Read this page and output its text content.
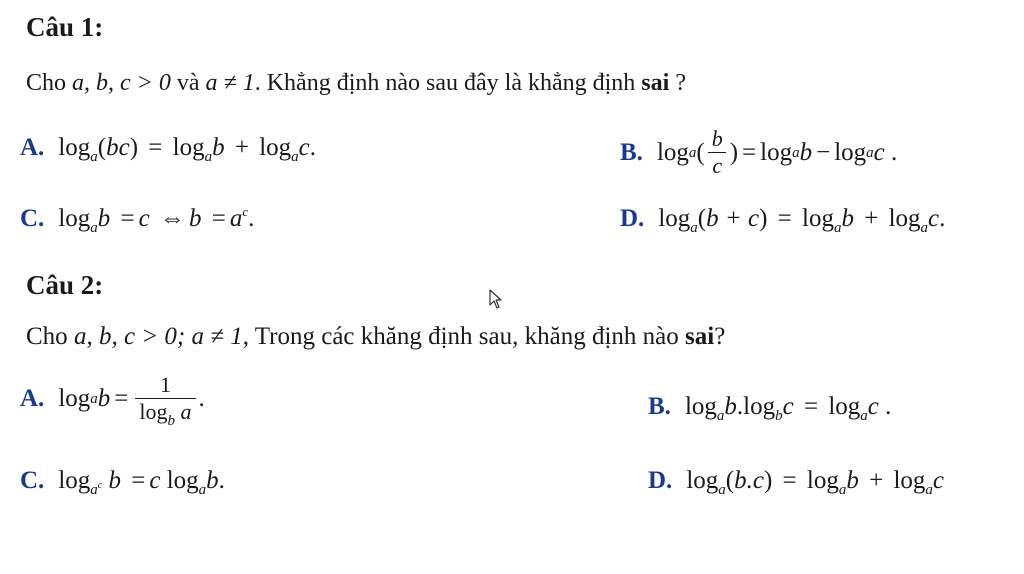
Câu 1:
Cho a, b, c > 0 và a ≠ 1. Khẳng định nào sau đây là khẳng định sai ?
A. $\log_a(bc) = \log_ab + \log_ac$.	B. log a ( $\frac{b}{c}$ ) = log a b − log a c
.
C. $\log_ab = c$ ⇔ $b = a^c$.	D. $\log_a(b + c) = \log_ab + \log_ac$.
Câu 2:
Cho a, b, c > 0; a ≠ 1, Trong các khăng định sau, khăng định nào sai?
A. log a $b = \frac{1}{\log_b a}$ .	B. $\log_ab.\log_bc = \log_ac$ .
C. $\log_{a^c} b = c$ $\log_ab$.	D. $\log_a(b.c) = \log_ab + \log_ac$
